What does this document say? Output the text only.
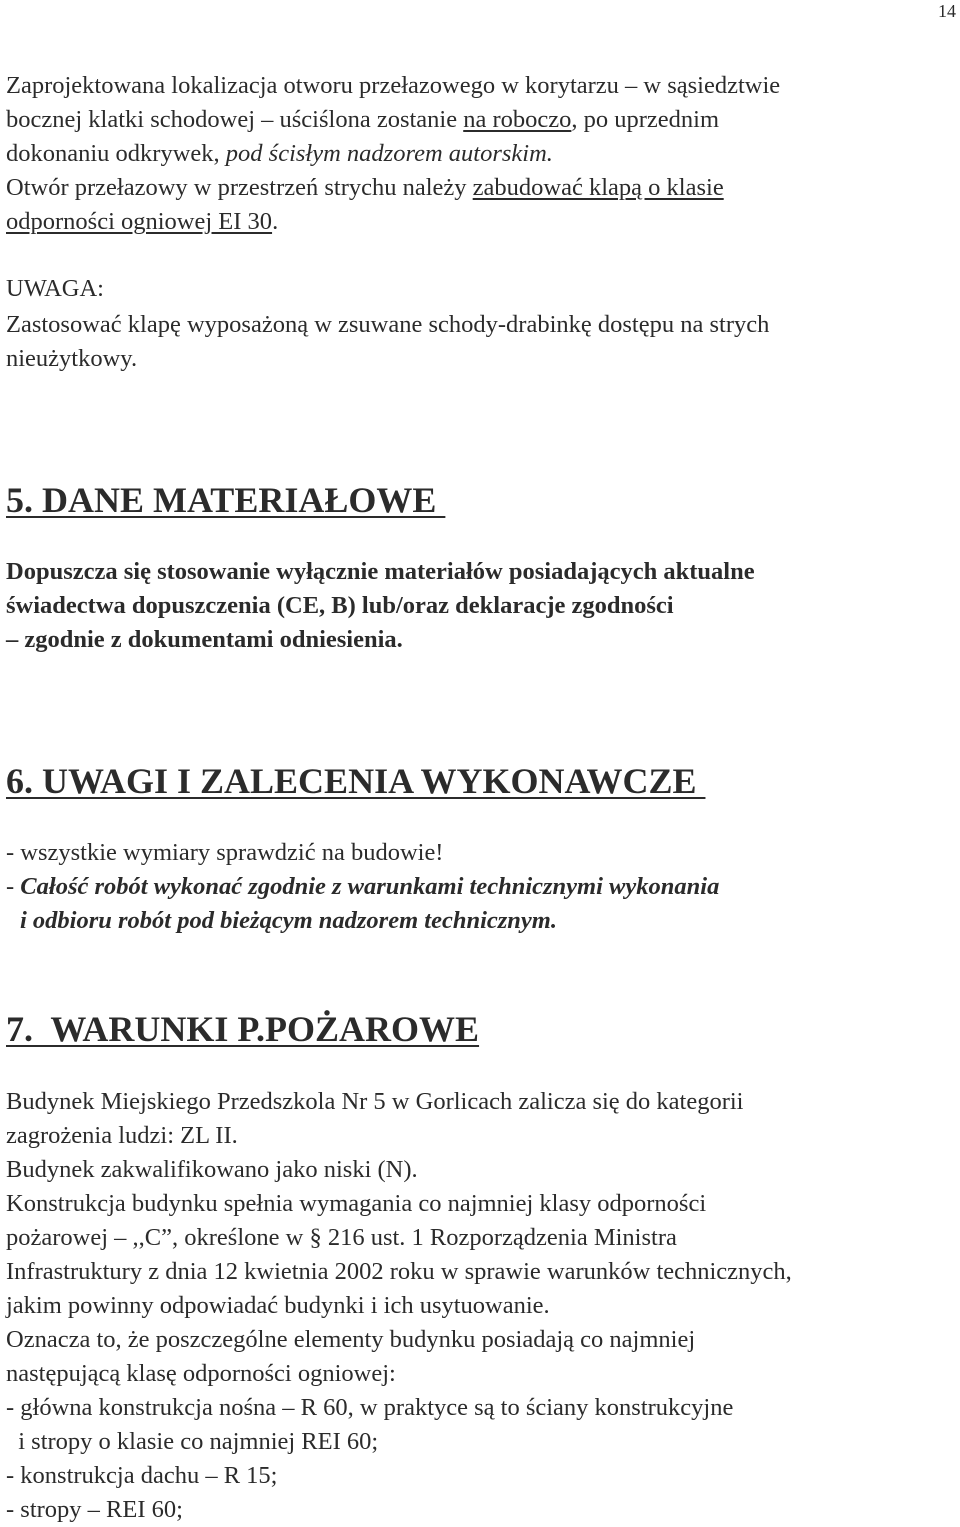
14
Zaprojektowana lokalizacja otworu przełazowego w korytarzu – w sąsiedztwie
bocznej klatki schodowej – uściślona zostanie na roboczo, po uprzednim
dokonaniu odkrywek, pod ścisłym nadzorem autorskim.
Otwór przełazowy w przestrzeń strychu należy zabudować klapą o klasie
odporności ogniowej EI 30.
UWAGA:
Zastosować klapę wyposażoną w zsuwane schody-drabinkę dostępu na strych
nieużytkowy.
5. DANE MATERIAŁOWE
Dopuszcza się stosowanie wyłącznie materiałów posiadających aktualne
świadectwa dopuszczenia (CE, B) lub/oraz deklaracje zgodności
– zgodnie z dokumentami odniesienia.
6. UWAGI I ZALECENIA WYKONAWCZE
- wszystkie wymiary sprawdzić na budowie!
- Całość robót wykonać zgodnie z warunkami technicznymi wykonania
i odbioru robót pod bieżącym nadzorem technicznym.
7.  WARUNKI P.POŻAROWE
Budynek Miejskiego Przedszkola Nr 5 w Gorlicach zalicza się do kategorii
zagrożenia ludzi: ZL II.
Budynek zakwalifikowano jako niski (N).
Konstrukcja budynku spełnia wymagania co najmniej klasy odporności
pożarowej – ,,C”, określone w § 216 ust. 1 Rozporządzenia Ministra
Infrastruktury z dnia 12 kwietnia 2002 roku w sprawie warunków technicznych,
jakim powinny odpowiadać budynki i ich usytuowanie.
Oznacza to, że poszczególne elementy budynku posiadają co najmniej
następującą klasę odporności ogniowej:
- główna konstrukcja nośna – R 60, w praktyce są to ściany konstrukcyjne
i stropy o klasie co najmniej REI 60;
- konstrukcja dachu – R 15;
- stropy – REI 60;
